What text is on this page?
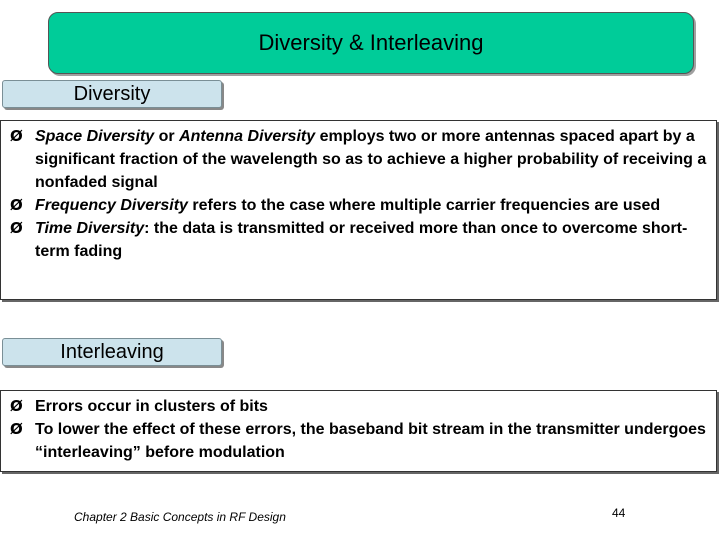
Diversity & Interleaving
Diversity
Ø Space Diversity or Antenna Diversity employs two or more antennas spaced apart by a significant fraction of the wavelength so as to achieve a higher probability of receiving a nonfaded signal
Ø Frequency Diversity refers to the case where multiple carrier frequencies are used
Ø Time Diversity: the data is transmitted or received more than once to overcome short-term fading
Interleaving
Ø Errors occur in clusters of bits
Ø To lower the effect of these errors, the baseband bit stream in the transmitter undergoes “interleaving” before modulation
Chapter 2 Basic Concepts in RF Design	44
